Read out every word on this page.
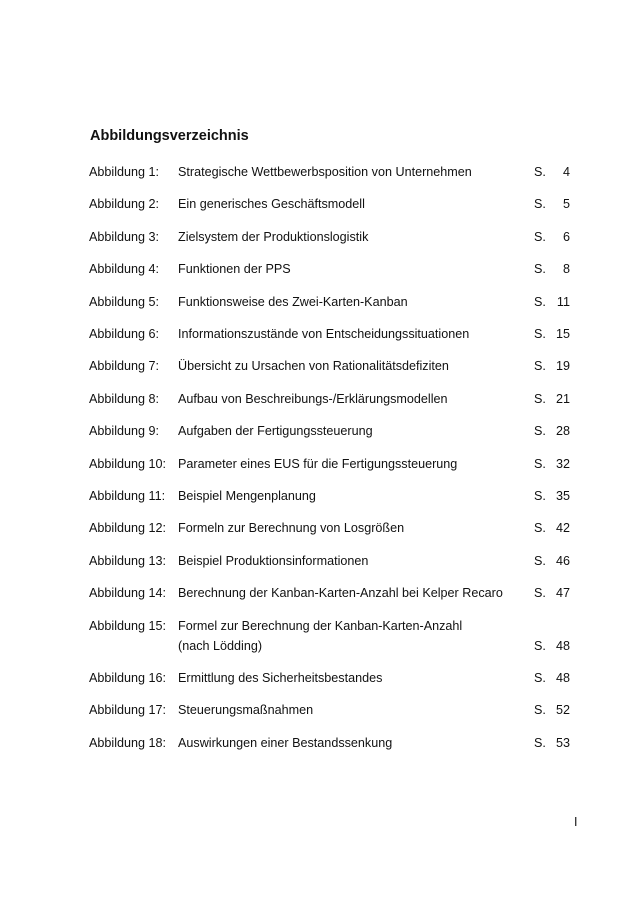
Abbildungsverzeichnis
Abbildung 1: Strategische Wettbewerbsposition von Unternehmen	S. 4
Abbildung 2: Ein generisches Geschäftsmodell	S. 5
Abbildung 3: Zielsystem der Produktionslogistik	S. 6
Abbildung 4: Funktionen der PPS	S. 8
Abbildung 5: Funktionsweise des Zwei-Karten-Kanban	S. 11
Abbildung 6: Informationszustände von Entscheidungssituationen	S. 15
Abbildung 7: Übersicht zu Ursachen von Rationalitätsdefiziten	S. 19
Abbildung 8: Aufbau von Beschreibungs-/Erklärungsmodellen	S. 21
Abbildung 9: Aufgaben der Fertigungssteuerung	S. 28
Abbildung 10: Parameter eines EUS für die Fertigungssteuerung	S. 32
Abbildung 11: Beispiel Mengenplanung	S. 35
Abbildung 12: Formeln zur Berechnung von Losgrößen	S. 42
Abbildung 13: Beispiel Produktionsinformationen	S. 46
Abbildung 14: Berechnung der Kanban-Karten-Anzahl bei Kelper Recaro S. 47
Abbildung 15: Formel zur Berechnung der Kanban-Karten-Anzahl
(nach Lödding)	S. 48
Abbildung 16: Ermittlung des Sicherheitsbestandes	S. 48
Abbildung 17: Steuerungsmaßnahmen	S. 52
Abbildung 18: Auswirkungen einer Bestandssenkung	S. 53
I
